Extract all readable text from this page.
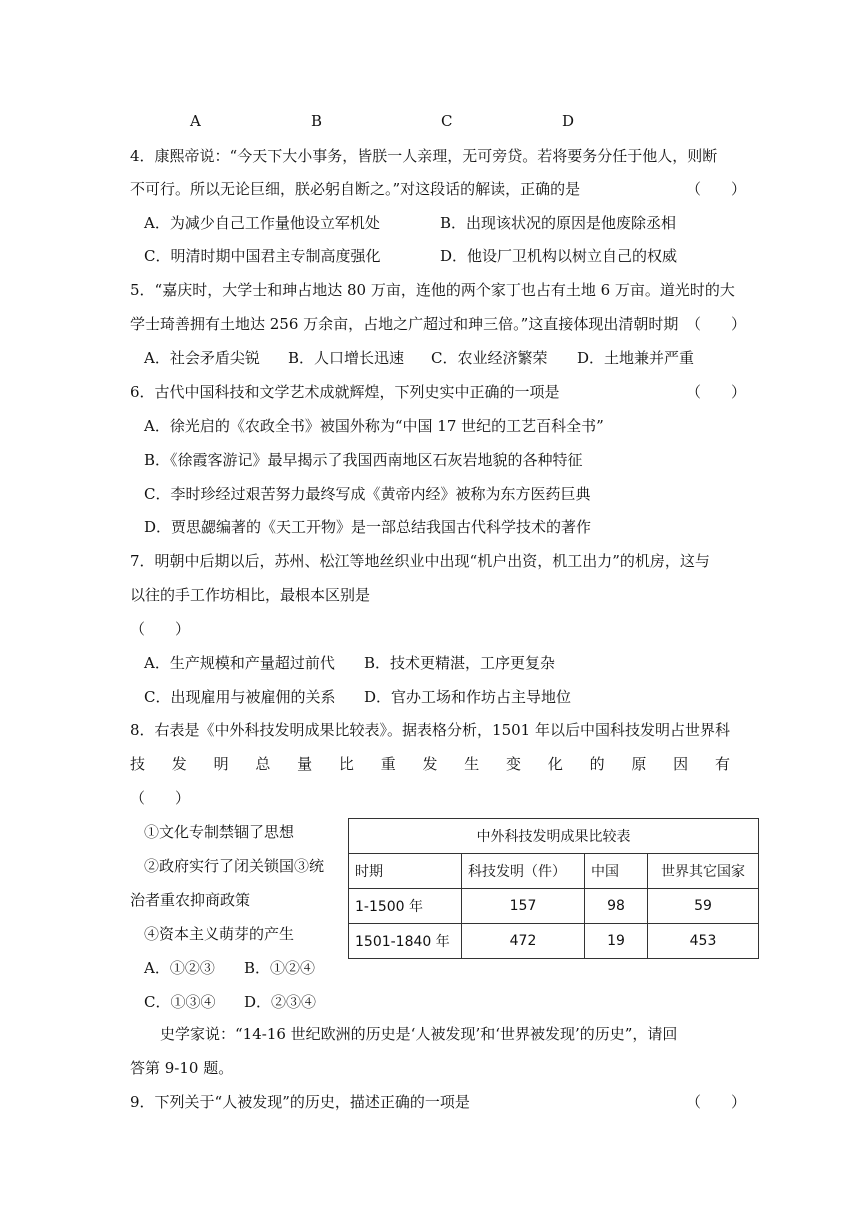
A	B	C	D
4．康熙帝说：“今天下大小事务，皆朕一人亲理，无可旁贷。若将要务分任于他人，则断
不可行。所以无论巨细，朕必躬自断之。”对这段话的解读，正确的是	（　　）
A．为减少自己工作量他设立军机处	B．出现该状况的原因是他废除丞相
C．明清时期中国君主专制高度强化	D．他设厂卫机构以树立自己的权威
5．“嘉庆时，大学士和珅占地达 80 万亩，连他的两个家丁也占有土地 6 万亩。道光时的大
学士琦善拥有土地达 256 万余亩，占地之广超过和珅三倍。”这直接体现出清朝时期 （　　）
A．社会矛盾尖锐 B．人口增长迅速 C．农业经济繁荣 D．土地兼并严重
6．古代中国科技和文学艺术成就辉煌，下列史实中正确的一项是	（　　）
A．徐光启的《农政全书》被国外称为“中国 17 世纪的工艺百科全书”
B．《徐霞客游记》最早揭示了我国西南地区石灰岩地貌的各种特征
C．李时珍经过艰苦努力最终写成《黄帝内经》被称为东方医药巨典
D．贾思勰编著的《天工开物》是一部总结我国古代科学技术的著作
7．明朝中后期以后，苏州、松江等地丝织业中出现“机户出资，机工出力”的机房，这与
以往的手工作坊相比，最根本区别是
（　　）
A．生产规模和产量超过前代 B．技术更精湛，工序更复杂
C．出现雇用与被雇佣的关系 D．官办工场和作坊占主导地位
8．右表是《中外科技发明成果比较表》。据表格分析，1501 年以后中国科技发明占世界科
技 发 明 总 量 比 重 发 生 变 化 的 原 因 有
（　　）
①文化专制禁锢了思想
②政府实行了闭关锁国③统
治者重农抑商政策
④资本主义萌芽的产生
A．①②③ B．①②④
C．①③④ D．②③④
中外科技发明成果比较表			
时期	科技发明（件）	中国	世界其它国家
1-1500 年	157	98	59
1501-1840 年	472	19	453
史学家说：“14-16 世纪欧洲的历史是‘人被发现’和‘世界被发现’的历史”，请回
答第 9-10 题。
9．下列关于“人被发现”的历史，描述正确的一项是	（　　）
